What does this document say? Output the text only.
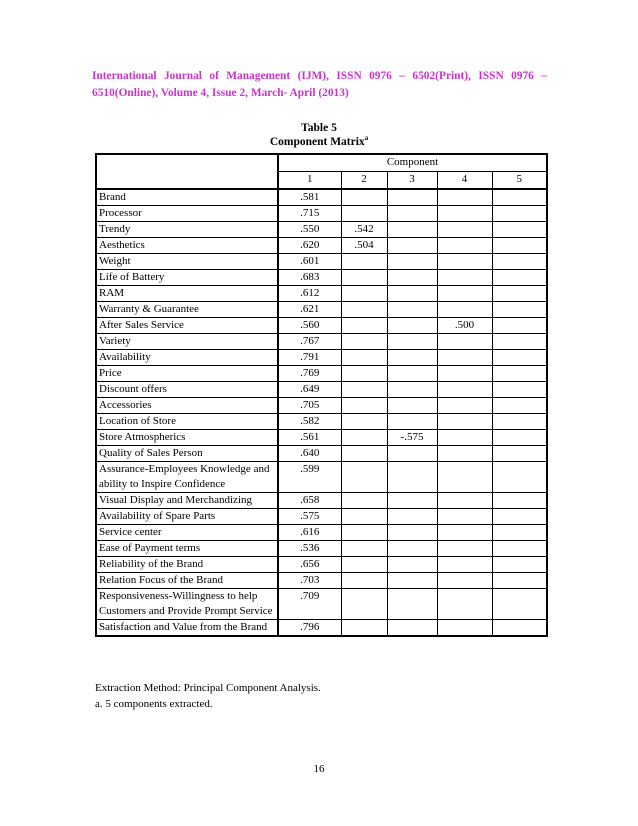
International Journal of Management (IJM), ISSN 0976 – 6502(Print), ISSN 0976 – 6510(Online), Volume 4, Issue 2, March- April (2013)
Table 5
Component Matrix$^a$
	Component				
	1	2	3	4	5
Brand	.581				
Processor	.715				
Trendy	.550	.542			
Aesthetics	.620	.504			
Weight	.601				
Life of Battery	.683				
RAM	.612				
Warranty & Guarantee	.621				
After Sales Service	.560			.500	
Variety	.767				
Availability	.791				
Price	.769				
Discount offers	.649				
Accessories	.705				
Location of Store	.582				
Store Atmospherics	.561		-.575		
Quality of Sales Person	.640				
Assurance-Employees Knowledge and ability to Inspire Confidence	.599				
Visual Display and Merchandizing	.658				
Availability of Spare Parts	.575				
Service center	.616				
Ease of Payment terms	.536				
Reliability of the Brand	.656				
Relation Focus of the Brand	.703				
Responsiveness-Willingness to help Customers and Provide Prompt Service	.709				
Satisfaction and Value from the Brand	.796				
Extraction Method: Principal Component Analysis.
a. 5 components extracted.
16
